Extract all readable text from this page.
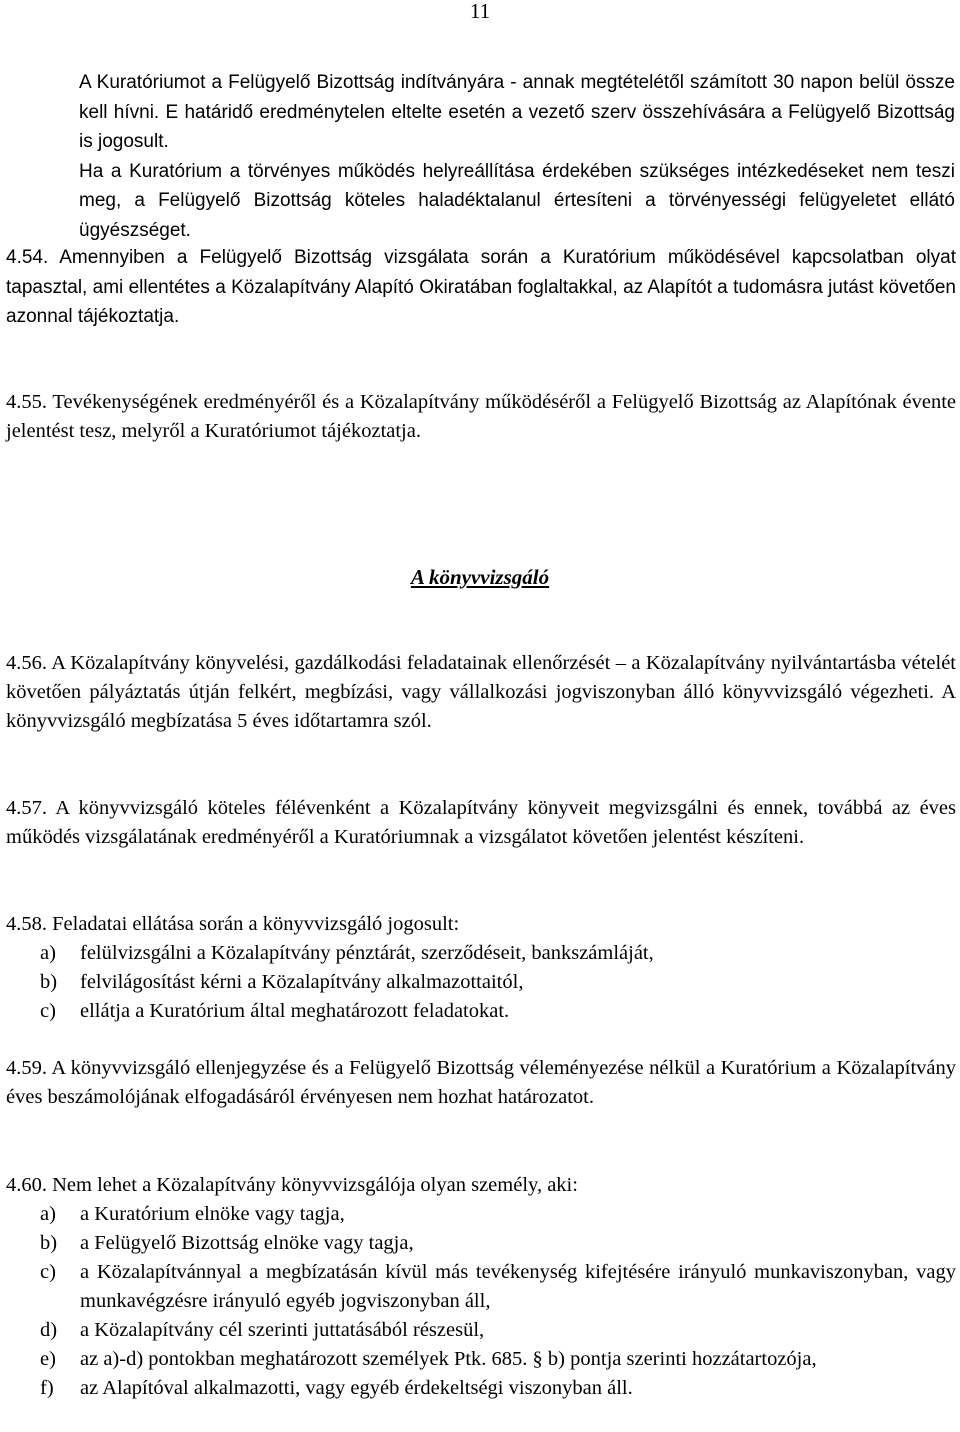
11

A Kuratóriumot a Felügyelő Bizottság indítványára - annak megtételétől számított 30 napon belül össze kell hívni. E határidő eredménytelen eltelte esetén a vezető szerv összehívására a Felügyelő Bizottság is jogosult.

Ha a Kuratórium a törvényes működés helyreállítása érdekében szükséges intézkedéseket nem teszi meg, a Felügyelő Bizottság köteles haladéktalanul értesíteni a törvényességi felügyeletet ellátó ügyészséget.

4.54. Amennyiben a Felügyelő Bizottság vizsgálata során a Kuratórium működésével kapcsolatban olyat tapasztal, ami ellentétes a Közalapítvány Alapító Okiratában foglaltakkal, az Alapítót a tudomásra jutást követően azonnal tájékoztatja.

4.55. Tevékenységének eredményéről és a Közalapítvány működéséről a Felügyelő Bizottság az Alapítónak évente jelentést tesz, melyről a Kuratóriumot tájékoztatja.

A könyvvizsgáló

4.56. A Közalapítvány könyvelési, gazdálkodási feladatainak ellenőrzését – a Közalapítvány nyilvántartásba vételét követően pályáztatás útján felkért, megbízási, vagy vállalkozási jogviszonyban álló könyvvizsgáló végezheti. A könyvvizsgáló megbízatása 5 éves időtartamra szól.

4.57. A könyvvizsgáló köteles félévenként a Közalapítvány könyveit megvizsgálni és ennek, továbbá az éves működés vizsgálatának eredményéről a Kuratóriumnak a vizsgálatot követően jelentést készíteni.

4.58. Feladatai ellátása során a könyvvizsgáló jogosult:

a) felülvizsgálni a Közalapítvány pénztárát, szerződéseit, bankszámláját,
b) felvilágosítást kérni a Közalapítvány alkalmazottaitól,
c) ellátja a Kuratórium által meghatározott feladatokat.

4.59. A könyvvizsgáló ellenjegyzése és a Felügyelő Bizottság véleményezése nélkül a Kuratórium a Közalapítvány éves beszámolójának elfogadásáról érvényesen nem hozhat határozatot.

4.60. Nem lehet a Közalapítvány könyvvizsgálója olyan személy, aki:

a) a Kuratórium elnöke vagy tagja,
b) a Felügyelő Bizottság elnöke vagy tagja,
c) a Közalapítvánnyal a megbízatásán kívül más tevékenység kifejtésére irányuló munkaviszonyban, vagy munkavégzésre irányuló egyéb jogviszonyban áll,
d) a Közalapítvány cél szerinti juttatásából részesül,
e) az a)-d) pontokban meghatározott személyek Ptk. 685. § b) pontja szerinti hozzátartozója,
f) az Alapítóval alkalmazotti, vagy egyéb érdekeltségi viszonyban áll.
